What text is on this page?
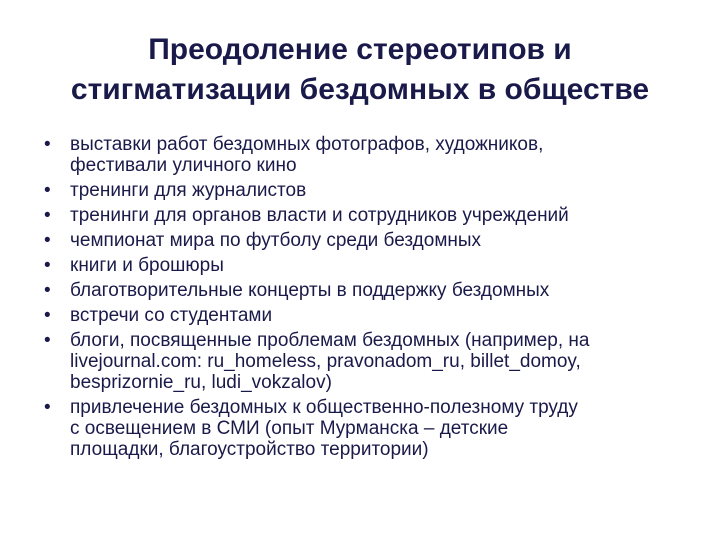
Преодоление стереотипов и
стигматизации бездомных в обществе
• выставки работ бездомных фотографов, художников,
фестивали уличного кино
• тренинги для журналистов
• тренинги для органов власти и сотрудников учреждений
• чемпионат мира по футболу среди бездомных
• книги и брошюры
• благотворительные концерты в поддержку бездомных
• встречи со студентами
• блоги, посвященные проблемам бездомных (например, на
livejournal.com: ru_homeless, pravonadom_ru, billet_domoy,
besprizornie_ru, ludi_vokzalov)
• привлечение бездомных к общественно-полезному труду
с освещением в СМИ (опыт Мурманска – детские
площадки, благоустройство территории)
